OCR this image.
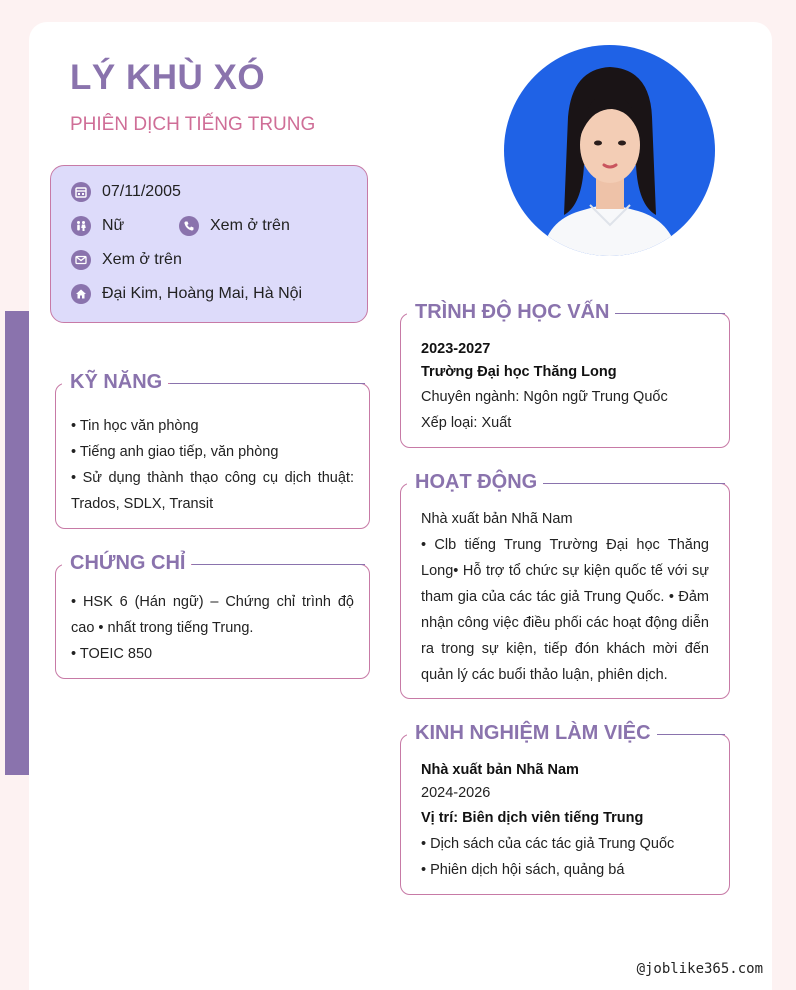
LÝ KHÙ XÓ
PHIÊN DỊCH TIẾNG TRUNG
07/11/2005
Nữ	Xem ở trên
Xem ở trên
Đại Kim, Hoàng Mai, Hà Nội
KỸ NĂNG
• Tin học văn phòng
• Tiếng anh giao tiếp, văn phòng
• Sử dụng thành thạo công cụ dịch thuật: Trados, SDLX, Transit
CHỨNG CHỈ
• HSK 6 (Hán ngữ) – Chứng chỉ trình độ cao • nhất trong tiếng Trung.
• TOEIC 850
TRÌNH ĐỘ HỌC VẤN
2023-2027
Trường Đại học Thăng Long
Chuyên ngành: Ngôn ngữ Trung Quốc
Xếp loại: Xuất
HOẠT ĐỘNG
Nhà xuất bản Nhã Nam
• Clb tiếng Trung Trường Đại học Thăng Long• Hỗ trợ tổ chức sự kiện quốc tế với sự tham gia của các tác giả Trung Quốc. • Đảm nhận công việc điều phối các hoạt động diễn ra trong sự kiện, tiếp đón khách mời đến quản lý các buổi thảo luận, phiên dịch.
KINH NGHIỆM LÀM VIỆC
Nhà xuất bản Nhã Nam
2024-2026
Vị trí: Biên dịch viên tiếng Trung
• Dịch sách của các tác giả Trung Quốc
• Phiên dịch hội sách, quảng bá
@joblike365.com
